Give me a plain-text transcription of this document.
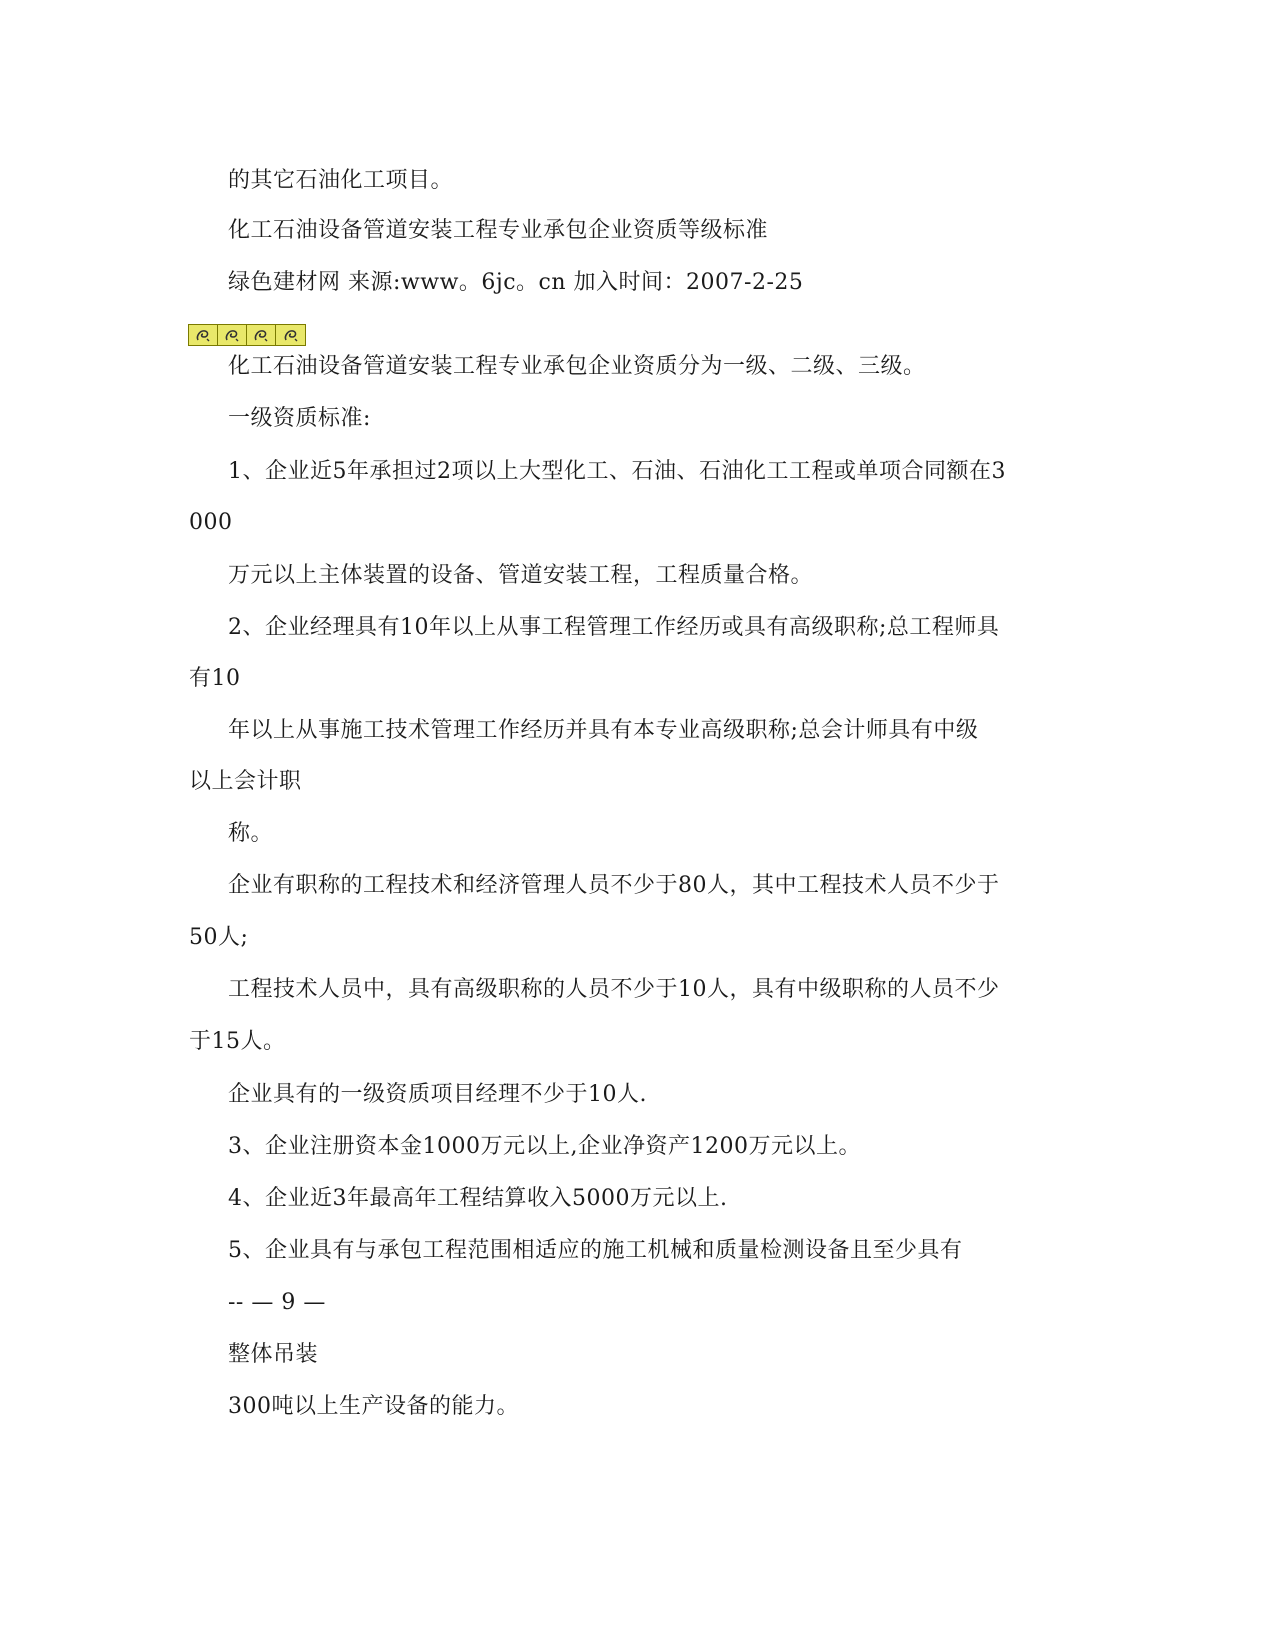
的其它石油化工项目。
化工石油设备管道安装工程专业承包企业资质等级标准
绿色建材网 来源:www。6jc。cn 加入时间：2007-2-25
化工石油设备管道安装工程专业承包企业资质分为一级、二级、三级。
一级资质标准:
1、企业近5年承担过2项以上大型化工、石油、石油化工工程或单项合同额在3
000
万元以上主体装置的设备、管道安装工程，工程质量合格。
2、企业经理具有10年以上从事工程管理工作经历或具有高级职称;总工程师具
有10
年以上从事施工技术管理工作经历并具有本专业高级职称;总会计师具有中级
以上会计职
称。
企业有职称的工程技术和经济管理人员不少于80人，其中工程技术人员不少于
50人;
工程技术人员中，具有高级职称的人员不少于10人，具有中级职称的人员不少
于15人。
企业具有的一级资质项目经理不少于10人.
3、企业注册资本金1000万元以上,企业净资产1200万元以上。
4、企业近3年最高年工程结算收入5000万元以上.
5、企业具有与承包工程范围相适应的施工机械和质量检测设备且至少具有
-- — 9 —
整体吊装
300吨以上生产设备的能力。
